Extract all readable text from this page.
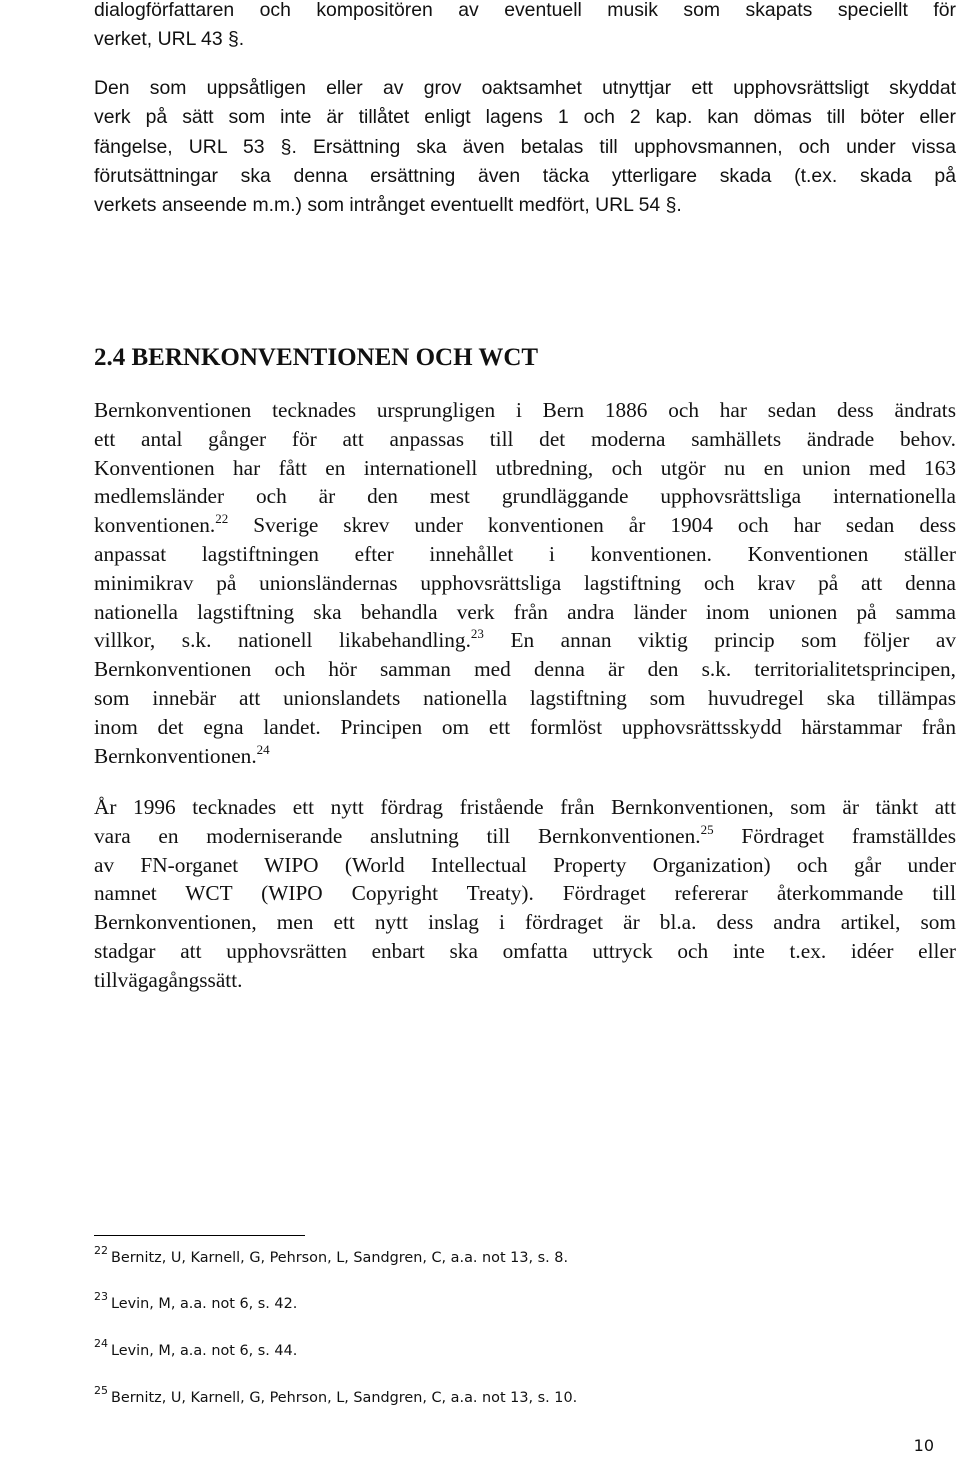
dialogförfattaren och kompositören av eventuell musik som skapats speciellt för
verket, URL 43 §.
Den som uppsåtligen eller av grov oaktsamhet utnyttjar ett upphovsrättsligt skyddat
verk på sätt som inte är tillåtet enligt lagens 1 och 2 kap. kan dömas till böter eller
fängelse, URL 53 §. Ersättning ska även betalas till upphovsmannen, och under vissa
förutsättningar ska denna ersättning även täcka ytterligare skada (t.ex. skada på
verkets anseende m.m.) som intrånget eventuellt medfört, URL 54 §.
2.4 BERNKONVENTIONEN OCH WCT
Bernkonventionen tecknades ursprungligen i Bern 1886 och har sedan dess ändrats
ett antal gånger för att anpassas till det moderna samhällets ändrade behov.
Konventionen har fått en internationell utbredning, och utgör nu en union med 163
medlemsländer och är den mest grundläggande upphovsrättsliga internationella
konventionen.$^{22}$ Sverige skrev under konventionen år 1904 och har sedan dess
anpassat lagstiftningen efter innehållet i konventionen. Konventionen ställer
minimikrav på unionsländernas upphovsrättsliga lagstiftning och krav på att denna
nationella lagstiftning ska behandla verk från andra länder inom unionen på samma
villkor, s.k. nationell likabehandling.$^{23}$ En annan viktig princip som följer av
Bernkonventionen och hör samman med denna är den s.k. territorialitetsprincipen,
som innebär att unionslandets nationella lagstiftning som huvudregel ska tillämpas
inom det egna landet. Principen om ett formlöst upphovsrättsskydd härstammar från
Bernkonventionen.$^{24}$
År 1996 tecknades ett nytt fördrag fristående från Bernkonventionen, som är tänkt att
vara en moderniserande anslutning till Bernkonventionen.$^{25}$ Fördraget framställdes
av FN-organet WIPO (World Intellectual Property Organization) och går under
namnet WCT (WIPO Copyright Treaty). Fördraget refererar återkommande till
Bernkonventionen, men ett nytt inslag i fördraget är bl.a. dess andra artikel, som
stadgar att upphovsrätten enbart ska omfatta uttryck och inte t.ex. idéer eller
tillvägagångssätt.
$^{22}$ Bernitz, U, Karnell, G, Pehrson, L, Sandgren, C, a.a. not 13, s. 8.
$^{23}$ Levin, M, a.a. not 6, s. 42.
$^{24}$ Levin, M, a.a. not 6, s. 44.
$^{25}$ Bernitz, U, Karnell, G, Pehrson, L, Sandgren, C, a.a. not 13, s. 10.
10
